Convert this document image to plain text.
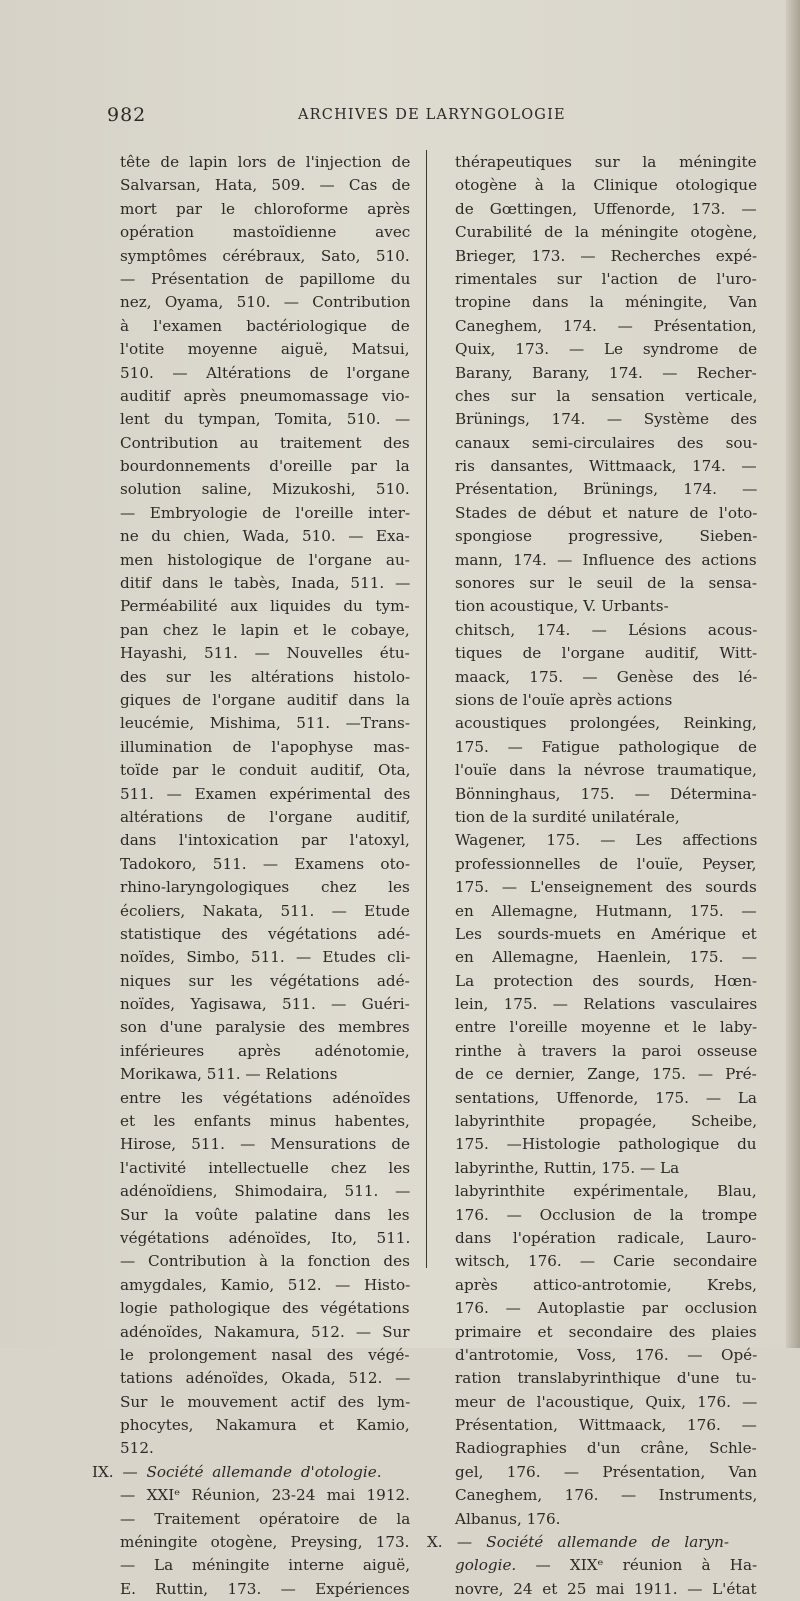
982	ARCHIVES DE LARYNGOLOGIE
tête de lapin lors de l'injection de
Salvarsan, Hata, 509. — Cas de
mort par le chloroforme après
opération mastoïdienne avec
symptômes cérébraux, Sato, 510.
— Présentation de papillome du
nez, Oyama, 510. — Contribution
à l'examen bactériologique de
l'otite moyenne aiguë, Matsui,
510. — Altérations de l'organe
auditif après pneumomassage vio-
lent du tympan, Tomita, 510. —
Contribution au traitement des
bourdonnements d'oreille par la
solution saline, Mizukoshi, 510.
— Embryologie de l'oreille inter-
ne du chien, Wada, 510. — Exa-
men histologique de l'organe au-
ditif dans le tabès, Inada, 511. —
Perméabilité aux liquides du tym-
pan chez le lapin et le cobaye,
Hayashi, 511. — Nouvelles étu-
des sur les altérations histolo-
giques de l'organe auditif dans la
leucémie, Mishima, 511. —Trans-
illumination de l'apophyse mas-
toïde par le conduit auditif, Ota,
511. — Examen expérimental des
altérations de l'organe auditif,
dans l'intoxication par l'atoxyl,
Tadokoro, 511. — Examens oto-
rhino-laryngologiques chez les
écoliers, Nakata, 511. — Etude
statistique des végétations adé-
noïdes, Simbo, 511. — Etudes cli-
niques sur les végétations adé-
noïdes, Yagisawa, 511. — Guéri-
son d'une paralysie des membres
inférieures après adénotomie,
Morikawa, 511. — Relations
entre les végétations adénoïdes
et les enfants minus habentes,
Hirose, 511. — Mensurations de
l'activité intellectuelle chez les
adénoïdiens, Shimodaira, 511. —
Sur la voûte palatine dans les
végétations adénoïdes, Ito, 511.
— Contribution à la fonction des
amygdales, Kamio, 512. — Histo-
logie pathologique des végétations
adénoïdes, Nakamura, 512. — Sur
le prolongement nasal des végé-
tations adénoïdes, Okada, 512. —
Sur le mouvement actif des lym-
phocytes, Nakamura et Kamio,
512.
IX. — Société allemande d'otologie.
— XXIᵉ Réunion, 23-24 mai 1912.
— Traitement opératoire de la
méningite otogène, Preysing, 173.
— La méningite interne aiguë,
E. Ruttin, 173. — Expériences
thérapeutiques sur la méningite
otogène à la Clinique otologique
de Gœttingen, Uffenorde, 173. —
Curabilité de la méningite otogène,
Brieger, 173. — Recherches expé-
rimentales sur l'action de l'uro-
tropine dans la méningite, Van
Caneghem, 174. — Présentation,
Quix, 173. — Le syndrome de
Barany, Barany, 174. — Recher-
ches sur la sensation verticale,
Brünings, 174. — Système des
canaux semi-circulaires des sou-
ris dansantes, Wittmaack, 174. —
Présentation, Brünings, 174. —
Stades de début et nature de l'oto-
spongiose progressive, Sieben-
mann, 174. — Influence des actions
sonores sur le seuil de la sensa-
tion acoustique, V. Urbants-
chitsch, 174. — Lésions acous-
tiques de l'organe auditif, Witt-
maack, 175. — Genèse des lé-
sions de l'ouïe après actions
acoustiques prolongées, Reinking,
175. — Fatigue pathologique de
l'ouïe dans la névrose traumatique,
Bönninghaus, 175. — Détermina-
tion de la surdité unilatérale,
Wagener, 175. — Les affections
professionnelles de l'ouïe, Peyser,
175. — L'enseignement des sourds
en Allemagne, Hutmann, 175. —
Les sourds-muets en Amérique et
en Allemagne, Haenlein, 175. —
La protection des sourds, Hœn-
lein, 175. — Relations vasculaires
entre l'oreille moyenne et le laby-
rinthe à travers la paroi osseuse
de ce dernier, Zange, 175. — Pré-
sentations, Uffenorde, 175. — La
labyrinthite propagée, Scheibe,
175. —Histologie pathologique du
labyrinthe, Ruttin, 175. — La
labyrinthite expérimentale, Blau,
176. — Occlusion de la trompe
dans l'opération radicale, Lauro-
witsch, 176. — Carie secondaire
après attico-antrotomie, Krebs,
176. — Autoplastie par occlusion
primaire et secondaire des plaies
d'antrotomie, Voss, 176. — Opé-
ration translabyrinthique d'une tu-
meur de l'acoustique, Quix, 176. —
Présentation, Wittmaack, 176. —
Radiographies d'un crâne, Schle-
gel, 176. — Présentation, Van
Caneghem, 176. — Instruments,
Albanus, 176.
X. — Société allemande de laryn-
gologie. — XIXᵉ réunion à Ha-
novre, 24 et 25 mai 1911. — L'état
